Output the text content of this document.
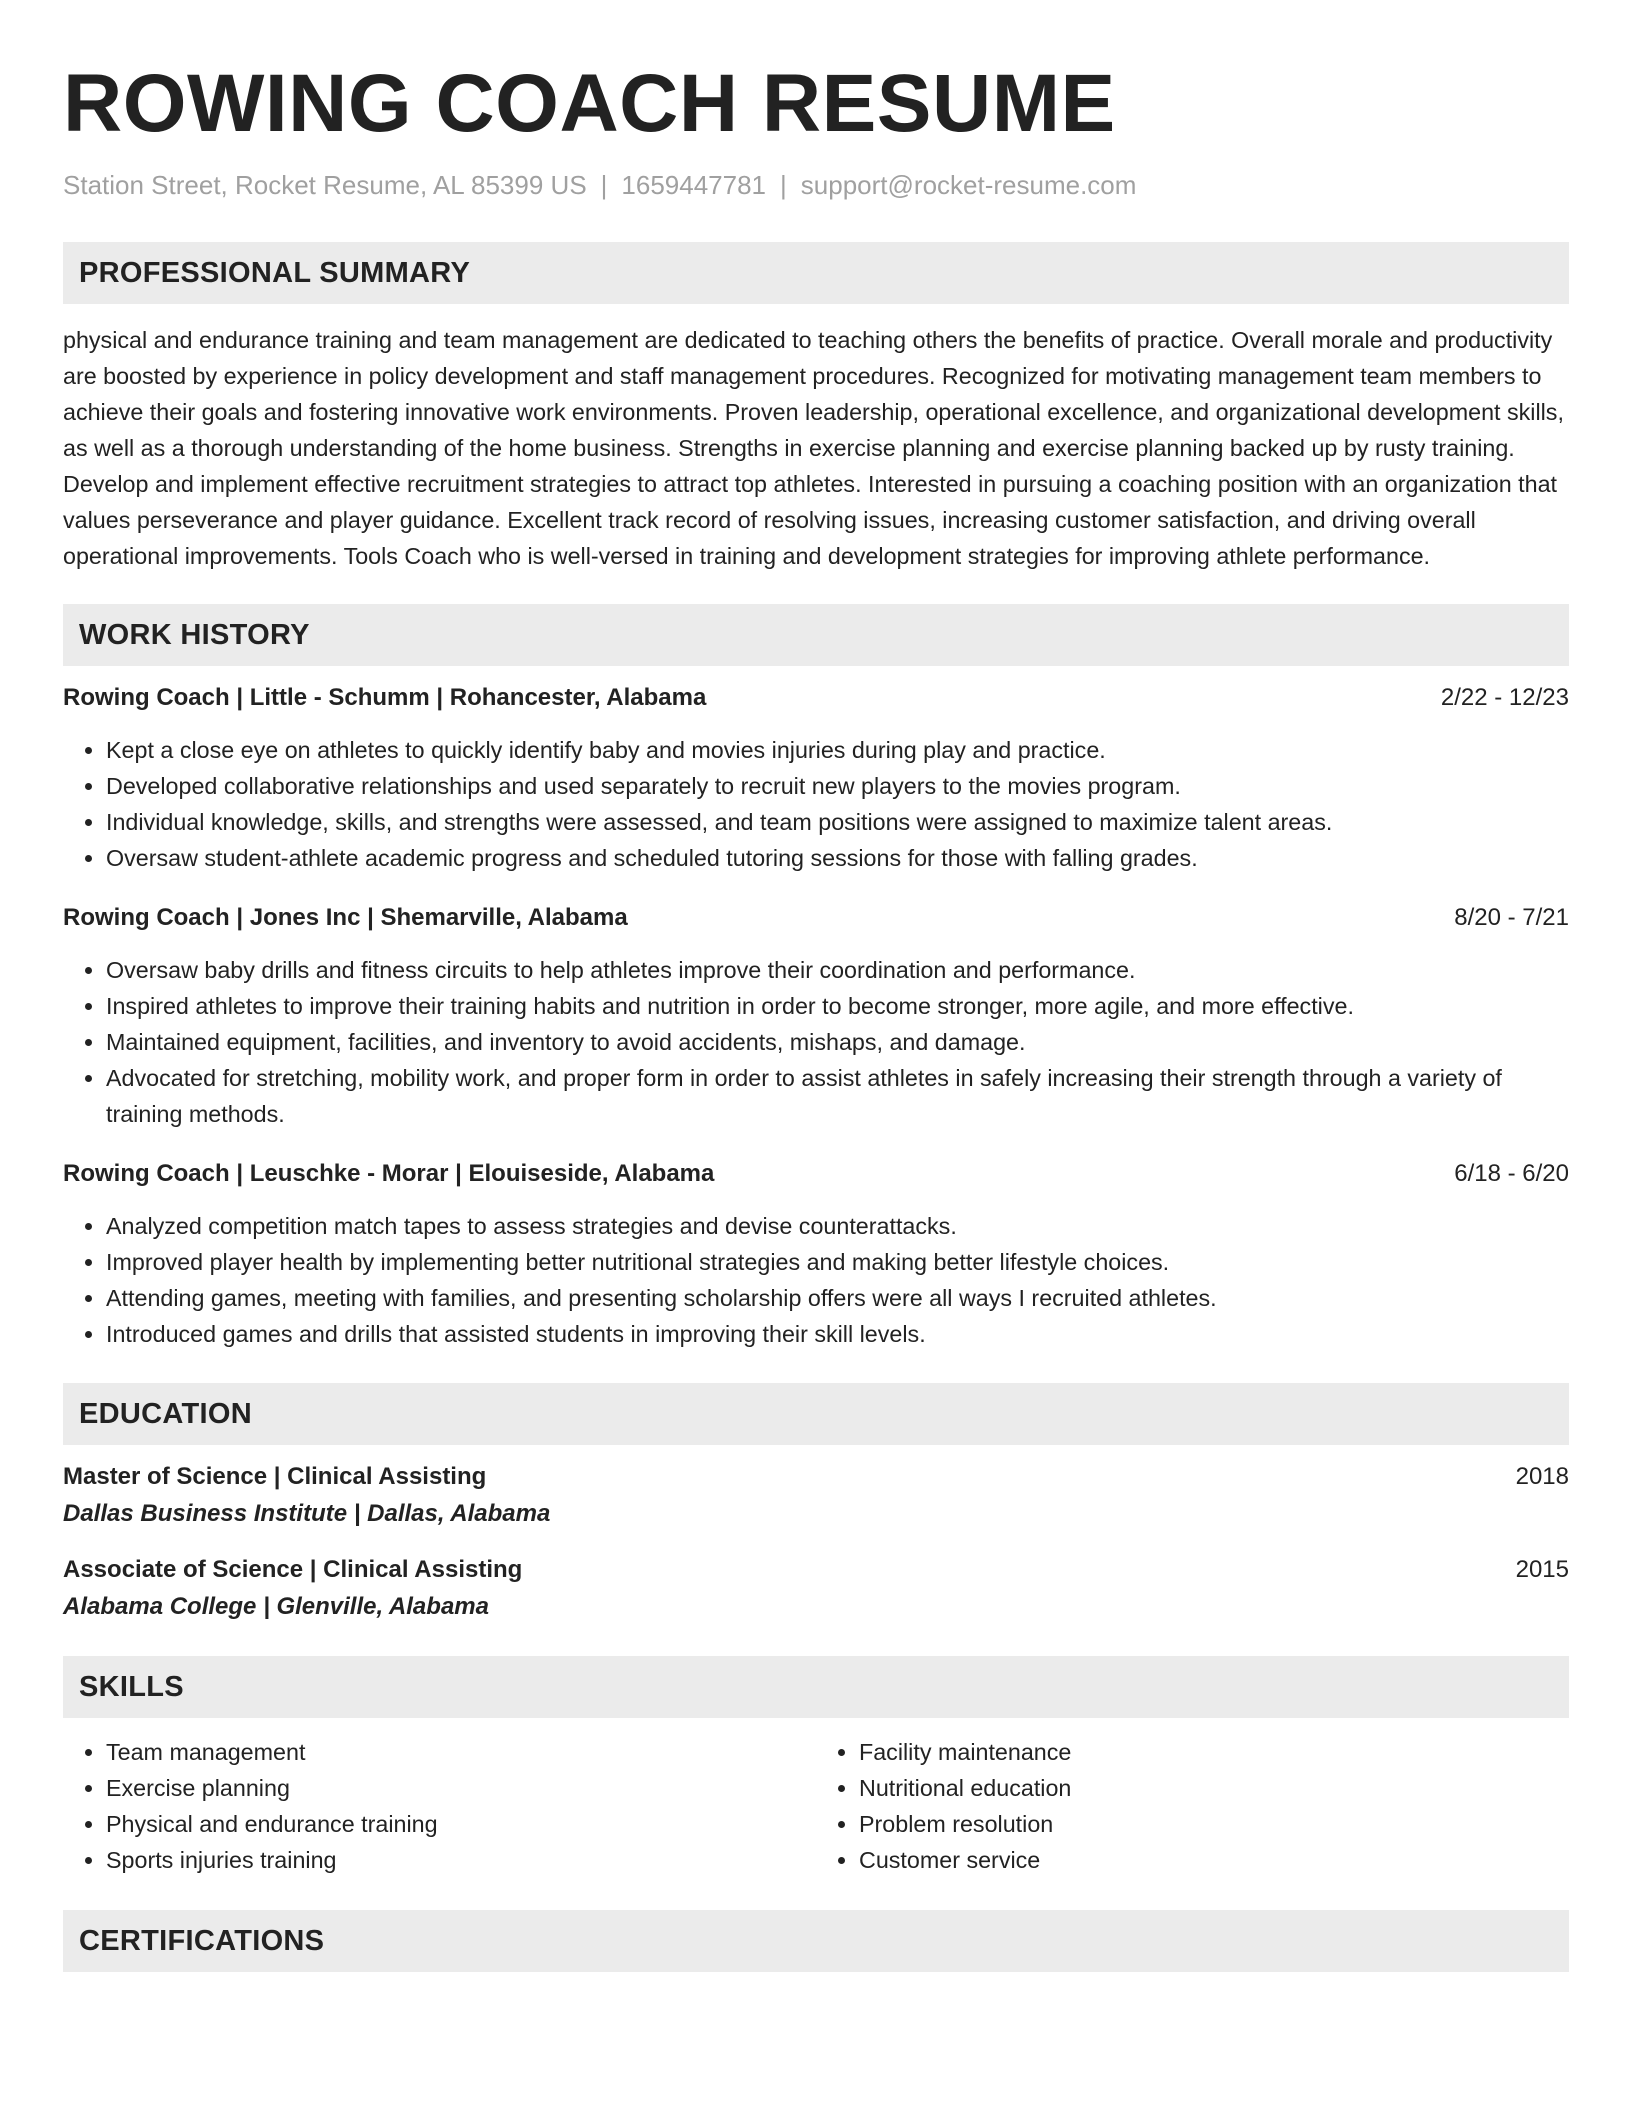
ROWING COACH RESUME
Station Street, Rocket Resume, AL 85399 US | 1659447781 | support@rocket-resume.com
PROFESSIONAL SUMMARY
physical and endurance training and team management are dedicated to teaching others the benefits of practice. Overall morale and productivity are boosted by experience in policy development and staff management procedures. Recognized for motivating management team members to achieve their goals and fostering innovative work environments. Proven leadership, operational excellence, and organizational development skills, as well as a thorough understanding of the home business. Strengths in exercise planning and exercise planning backed up by rusty training. Develop and implement effective recruitment strategies to attract top athletes. Interested in pursuing a coaching position with an organization that values perseverance and player guidance. Excellent track record of resolving issues, increasing customer satisfaction, and driving overall operational improvements. Tools Coach who is well-versed in training and development strategies for improving athlete performance.
WORK HISTORY
Rowing Coach | Little - Schumm | Rohancester, Alabama	2/22 - 12/23
• Kept a close eye on athletes to quickly identify baby and movies injuries during play and practice.
• Developed collaborative relationships and used separately to recruit new players to the movies program.
• Individual knowledge, skills, and strengths were assessed, and team positions were assigned to maximize talent areas.
• Oversaw student-athlete academic progress and scheduled tutoring sessions for those with falling grades.
Rowing Coach | Jones Inc | Shemarville, Alabama	8/20 - 7/21
• Oversaw baby drills and fitness circuits to help athletes improve their coordination and performance.
• Inspired athletes to improve their training habits and nutrition in order to become stronger, more agile, and more effective.
• Maintained equipment, facilities, and inventory to avoid accidents, mishaps, and damage.
• Advocated for stretching, mobility work, and proper form in order to assist athletes in safely increasing their strength through a variety of training methods.
Rowing Coach | Leuschke - Morar | Elouiseside, Alabama	6/18 - 6/20
• Analyzed competition match tapes to assess strategies and devise counterattacks.
• Improved player health by implementing better nutritional strategies and making better lifestyle choices.
• Attending games, meeting with families, and presenting scholarship offers were all ways I recruited athletes.
• Introduced games and drills that assisted students in improving their skill levels.
EDUCATION
Master of Science | Clinical Assisting	2018
Dallas Business Institute | Dallas, Alabama
Associate of Science | Clinical Assisting	2015
Alabama College | Glenville, Alabama
SKILLS
• Team management
• Exercise planning
• Physical and endurance training
• Sports injuries training
• Facility maintenance
• Nutritional education
• Problem resolution
• Customer service
CERTIFICATIONS
